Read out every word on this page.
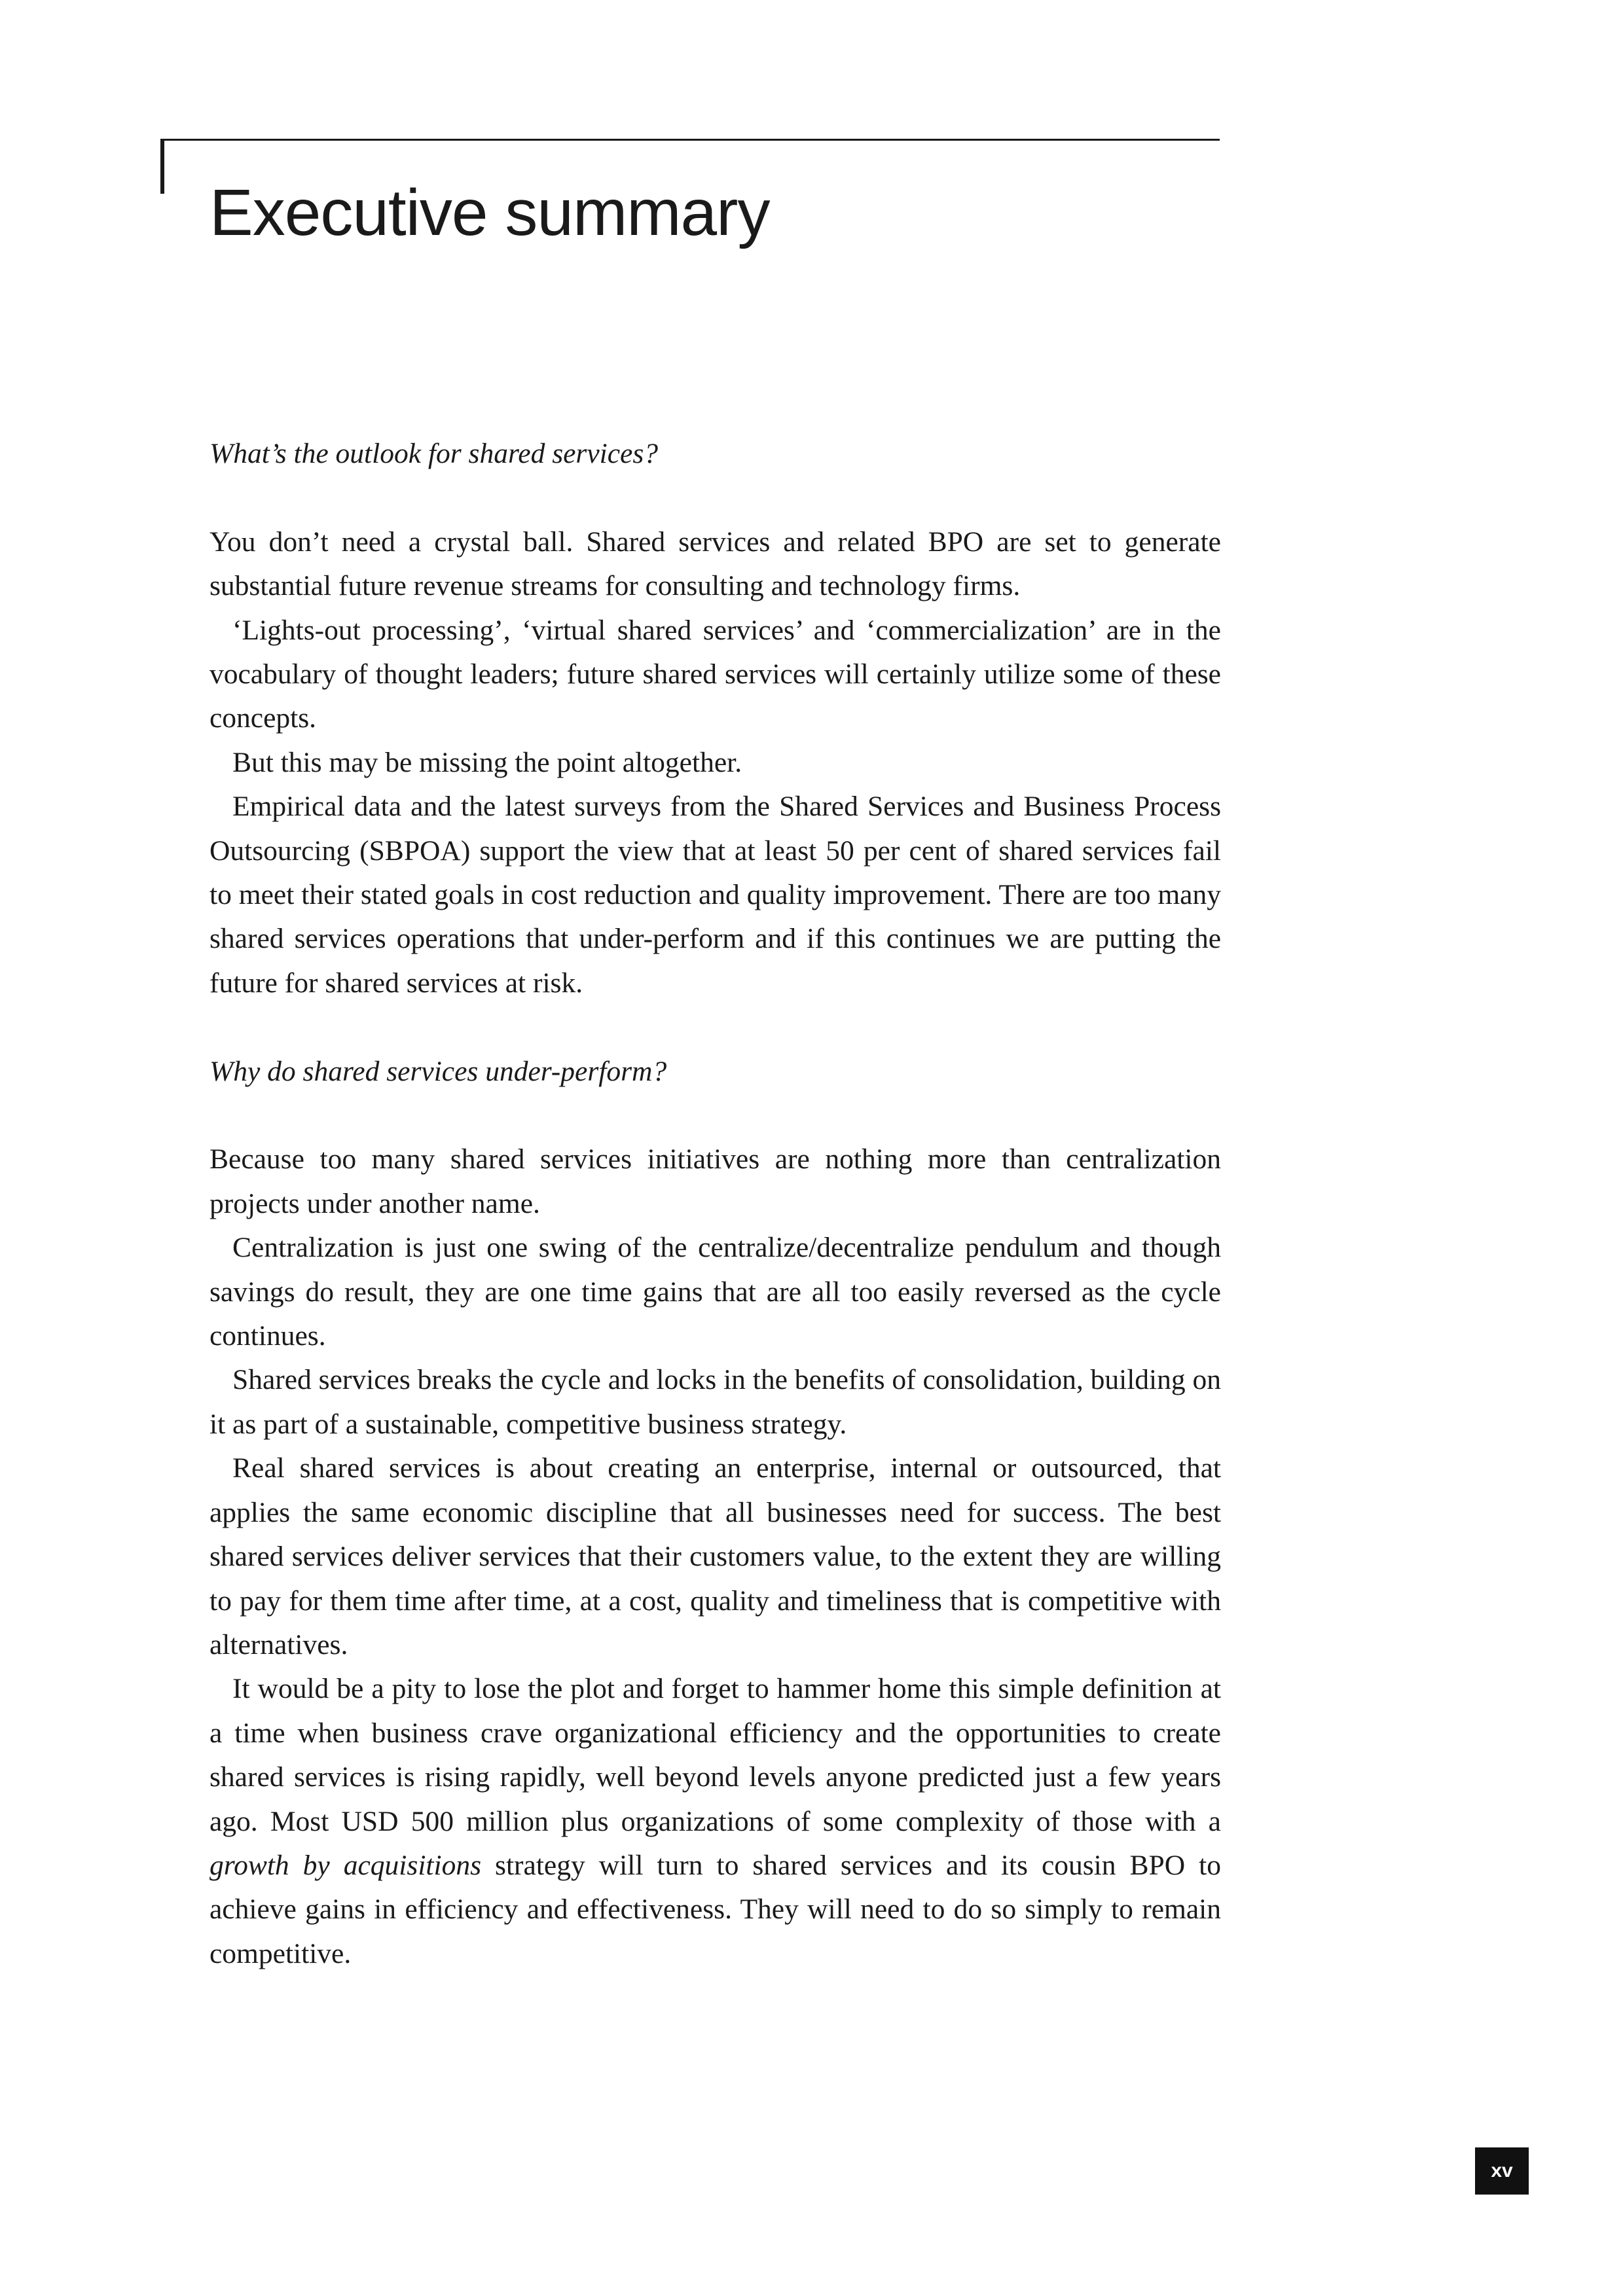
Executive summary
What’s the outlook for shared services?

You don’t need a crystal ball. Shared services and related BPO are set to generate substantial future revenue streams for consulting and technology firms.

‘Lights-out processing’, ‘virtual shared services’ and ‘commercialization’ are in the vocabulary of thought leaders; future shared services will certainly utilize some of these concepts.

But this may be missing the point altogether.

Empirical data and the latest surveys from the Shared Services and Business Process Outsourcing (SBPOA) support the view that at least 50 per cent of shared services fail to meet their stated goals in cost reduction and quality improvement. There are too many shared services operations that under-perform and if this continues we are putting the future for shared services at risk.

Why do shared services under-perform?

Because too many shared services initiatives are nothing more than centralization projects under another name.

Centralization is just one swing of the centralize/decentralize pendulum and though savings do result, they are one time gains that are all too easily reversed as the cycle continues.

Shared services breaks the cycle and locks in the benefits of consolidation, building on it as part of a sustainable, competitive business strategy.

Real shared services is about creating an enterprise, internal or outsourced, that applies the same economic discipline that all businesses need for success. The best shared services deliver services that their customers value, to the extent they are willing to pay for them time after time, at a cost, quality and timeliness that is competitive with alternatives.

It would be a pity to lose the plot and forget to hammer home this simple definition at a time when business crave organizational efficiency and the opportunities to create shared services is rising rapidly, well beyond levels anyone predicted just a few years ago. Most USD 500 million plus organizations of some complexity of those with a growth by acquisitions strategy will turn to shared services and its cousin BPO to achieve gains in efficiency and effectiveness. They will need to do so simply to remain competitive.

xv
